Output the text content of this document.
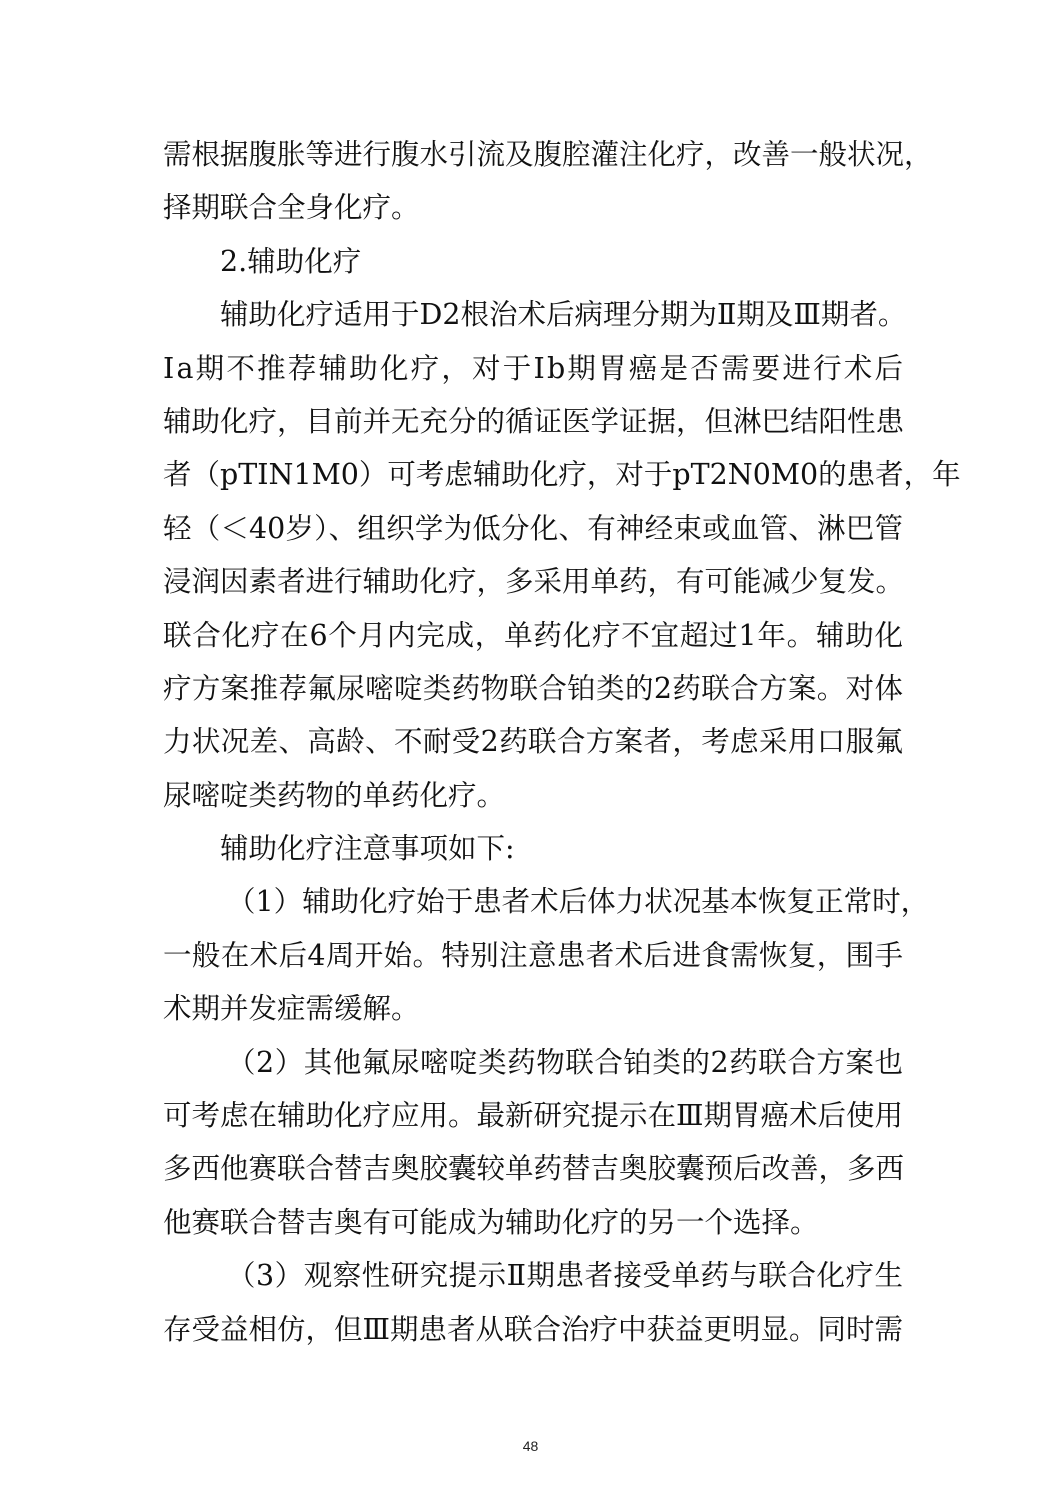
需根据腹胀等进行腹水引流及腹腔灌注化疗，改善一般状况，
择期联合全身化疗。
2.辅助化疗
辅助化疗适用于D2根治术后病理分期为Ⅱ期及Ⅲ期者。
Ⅰa期不推荐辅助化疗，对于Ⅰb期胃癌是否需要进行术后
辅助化疗，目前并无充分的循证医学证据，但淋巴结阳性患
者（pTIN1M0）可考虑辅助化疗，对于pT2N0M0的患者，年
轻（＜40岁）、组织学为低分化、有神经束或血管、淋巴管
浸润因素者进行辅助化疗，多采用单药，有可能减少复发。
联合化疗在6个月内完成，单药化疗不宜超过1年。辅助化
疗方案推荐氟尿嘧啶类药物联合铂类的2药联合方案。对体
力状况差、高龄、不耐受2药联合方案者，考虑采用口服氟
尿嘧啶类药物的单药化疗。
辅助化疗注意事项如下:
（1）辅助化疗始于患者术后体力状况基本恢复正常时，
一般在术后4周开始。特别注意患者术后进食需恢复，围手
术期并发症需缓解。
（2）其他氟尿嘧啶类药物联合铂类的2药联合方案也
可考虑在辅助化疗应用。最新研究提示在Ⅲ期胃癌术后使用
多西他赛联合替吉奥胶囊较单药替吉奥胶囊预后改善，多西
他赛联合替吉奥有可能成为辅助化疗的另一个选择。
（3）观察性研究提示Ⅱ期患者接受单药与联合化疗生
存受益相仿，但Ⅲ期患者从联合治疗中获益更明显。同时需
48
